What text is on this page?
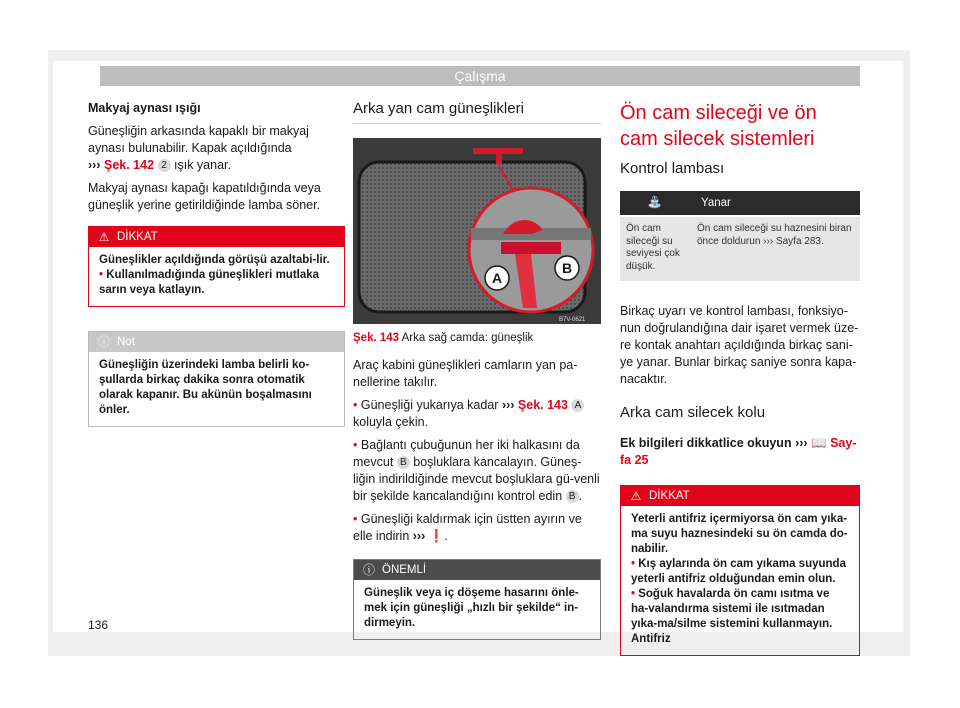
Çalışma

Makyaj aynası ışığı

Güneşliğin arkasında kapaklı bir makyaj aynası bulunabilir. Kapak açıldığında
››› Şek. 142 2 ışık yanar.

Makyaj aynası kapağı kapatıldığında veya güneşlik yerine getirildiğinde lamba söner.

⚠ DİKKAT
Güneşlikler açıldığında görüşü azaltabi-lir.
• Kullanılmadığında güneşlikleri mutlaka sarın veya katlayın.
ⓘ Not
Güneşliğin üzerindeki lamba belirli ko-şullarda birkaç dakika sonra otomatik olarak kapanır. Bu akünün boşalmasını önler.
Arka yan cam güneşlikleri
A
B
B7V-0621
Şek. 143 Arka sağ camda: güneşlik

Araç kabini güneşlikleri camların yan pa-nellerine takılır.

• Güneşliği yukarıya kadar ››› Şek. 143 A koluyla çekin.

• Bağlantı çubuğunun her iki halkasını da mevcut B boşluklara kancalayın. Güneş-liğin indirildiğinde mevcut boşluklara gü-venli bir şekilde kancalandığını kontrol edin B .

• Güneşliği kaldırmak için üstten ayırın ve elle indirin ››› ❗.

ⓘ ÖNEMLİ
Güneşlik veya iç döşeme hasarını önle-mek için güneşliği „hızlı bir şekilde“ in-dirmeyin.
Ön cam sileceği ve ön cam silecek sistemleri
Kontrol lambası
⛲	Yanar
Ön cam sileceği su seviyesi çok düşük.	Ön cam sileceği su haznesini biran önce doldurun ››› Sayfa 283.

Birkaç uyarı ve kontrol lambası, fonksiyo-nun doğrulandığına dair işaret vermek üze-re kontak anahtarı açıldığında birkaç sani-ye yanar. Bunlar birkaç saniye sonra kapa-nacaktır.

Arka cam silecek kolu

Ek bilgileri dikkatlice okuyun ››› 📖 Say-fa 25

⚠ DİKKAT
Yeterli antifriz içermiyorsa ön cam yıka-ma suyu haznesindeki su ön camda do-nabilir.
• Kış aylarında ön cam yıkama suyunda yeterli antifriz olduğundan emin olun.
• Soğuk havalarda ön camı ısıtma ve ha-valandırma sistemi ile ısıtmadan yıka-ma/silme sistemini kullanmayın. Antifriz
136
